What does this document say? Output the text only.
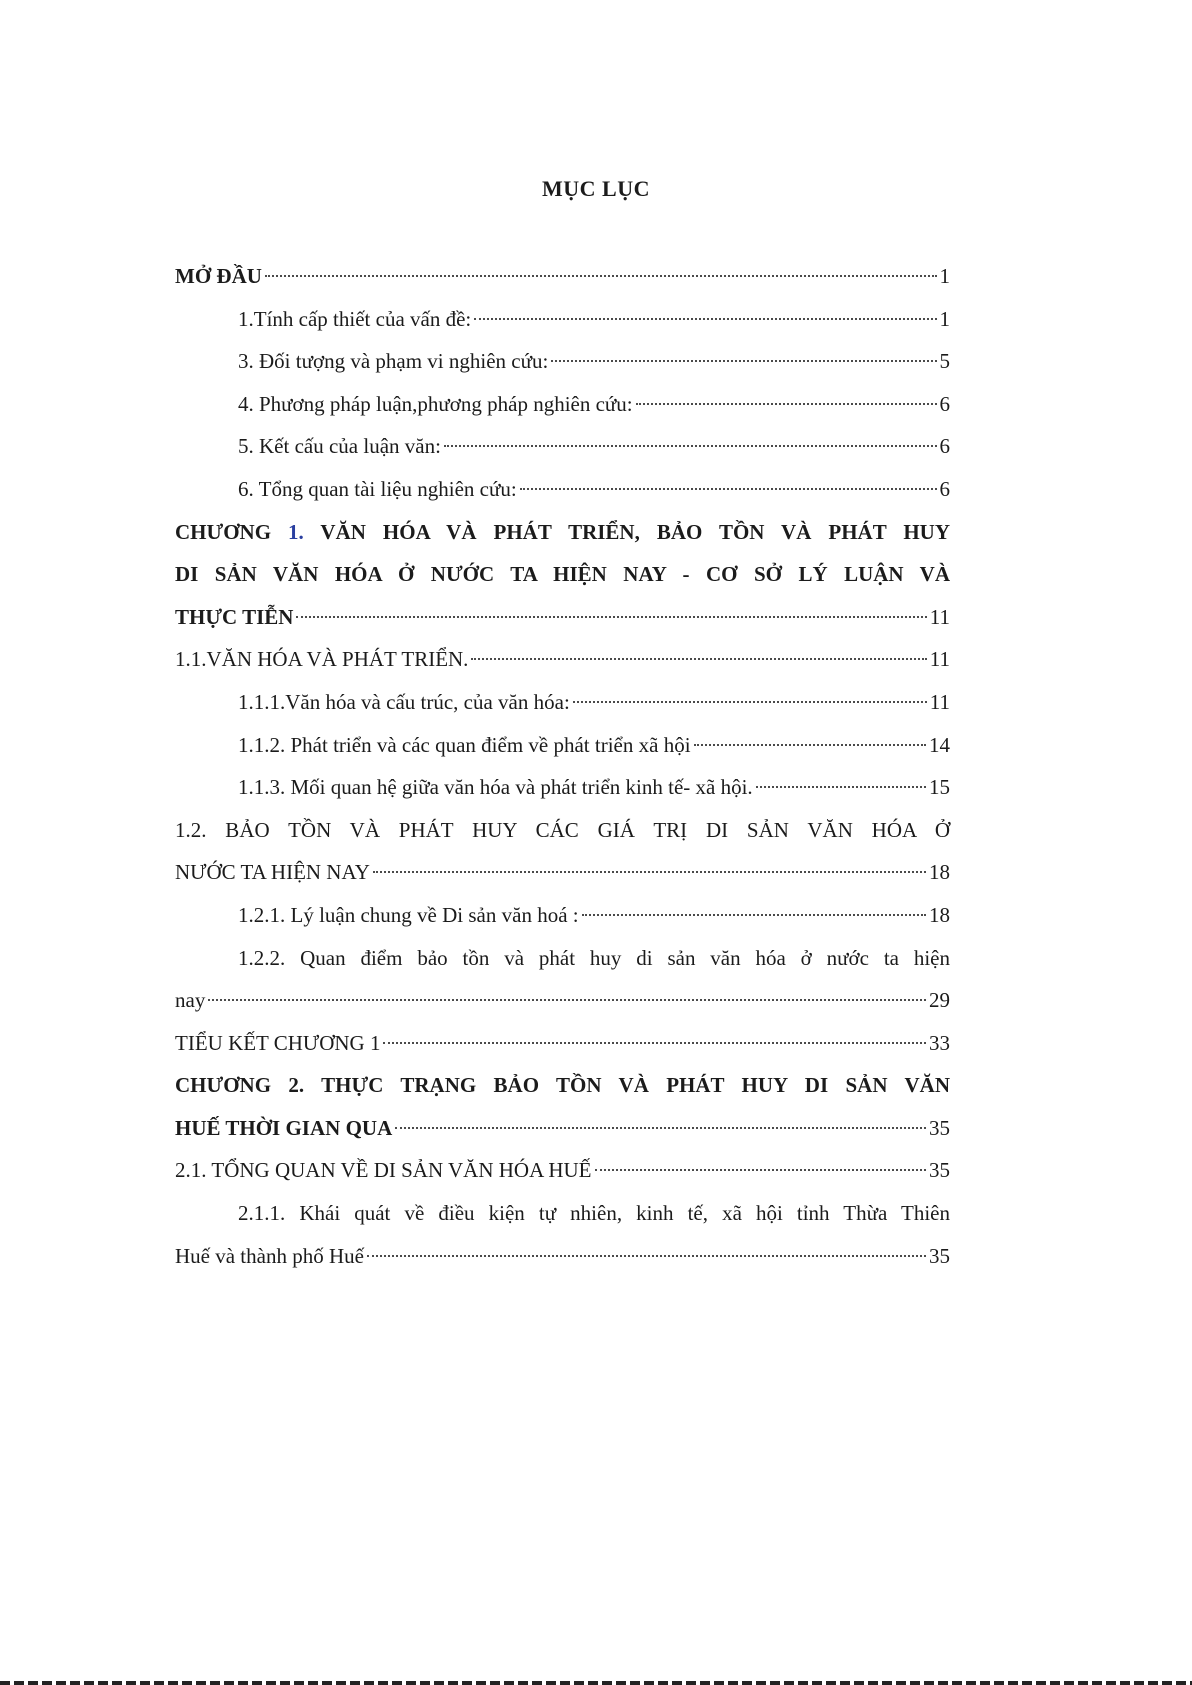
MỤC LỤC
MỞ ĐẦU	1
1.Tính cấp thiết của vấn đề:	1
3. Đối tượng và phạm vi nghiên cứu:	5
4. Phương pháp luận,phương pháp nghiên cứu:	6
5. Kết cấu của luận văn:	6
6. Tổng quan tài liệu nghiên cứu:	6
CHƯƠNG 1. VĂN HÓA VÀ PHÁT TRIỂN, BẢO TỒN VÀ PHÁT HUY
DI SẢN VĂN HÓA Ở NƯỚC TA HIỆN NAY - CƠ SỞ LÝ LUẬN VÀ
THỰC TIỄN	11
1.1.VĂN HÓA VÀ PHÁT TRIỂN.	11
1.1.1.Văn hóa và cấu trúc, của văn hóa:	11
1.1.2. Phát triển và các quan điểm về phát triển xã hội	14
1.1.3. Mối quan hệ giữa văn hóa và phát triển kinh tế- xã hội.	15
1.2. BẢO TỒN VÀ PHÁT HUY CÁC GIÁ TRỊ DI SẢN VĂN HÓA Ở
NƯỚC TA HIỆN NAY	18
1.2.1. Lý luận chung về Di sản văn hoá :	18
1.2.2. Quan điểm bảo tồn và phát huy di sản văn hóa ở nước ta hiện
nay	29
TIỂU KẾT CHƯƠNG 1	33
CHƯƠNG 2. THỰC TRẠNG BẢO TỒN VÀ PHÁT HUY DI SẢN VĂN
HUẾ THỜI GIAN QUA	35
2.1. TỔNG QUAN VỀ DI SẢN VĂN HÓA HUẾ	35
2.1.1. Khái quát về điều kiện tự nhiên, kinh tế, xã hội tỉnh Thừa Thiên
Huế và thành phố Huế	35
